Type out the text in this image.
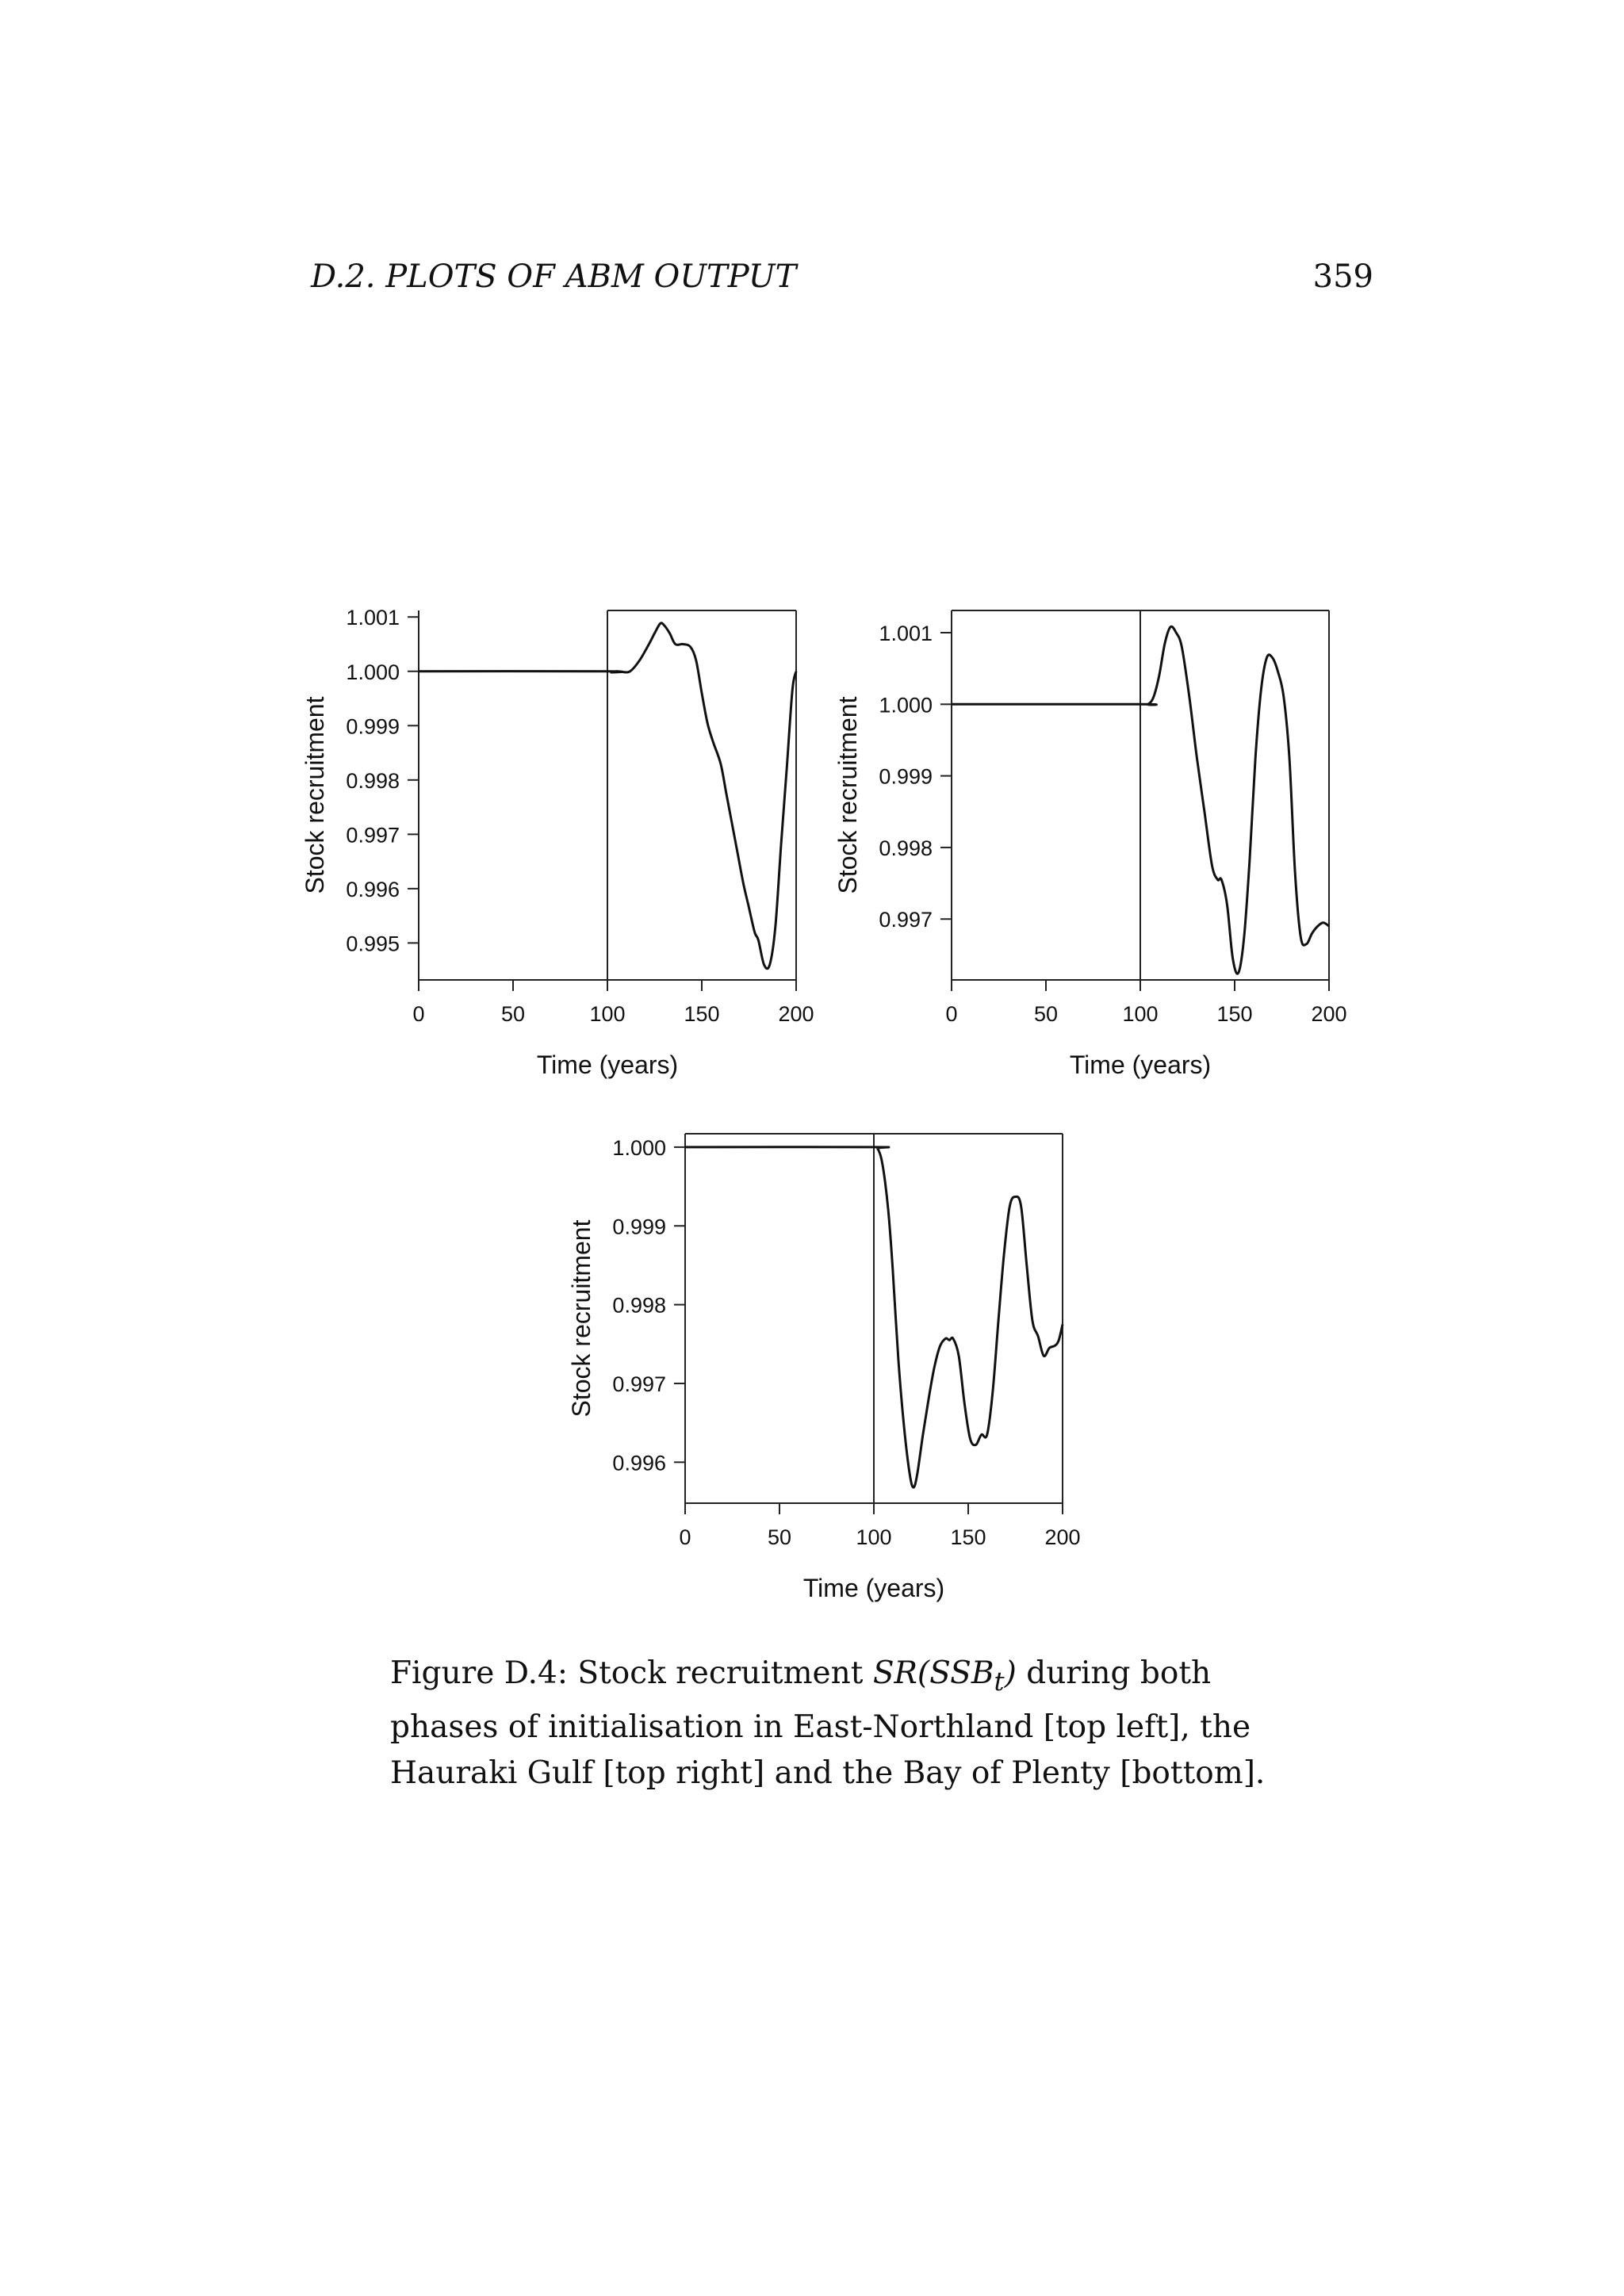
D.2. PLOTS OF ABM OUTPUT	359
0	50	100	150	200
0.995
0.996
0.997
0.998
0.999
1.000
1.001
Time (years)
Stock recruitment
0	50	100	150	200
0.997
0.998
0.999
1.000
1.001
Time (years)
Stock recruitment
0	50	100	150	200
0.996
0.997
0.998
0.999
1.000
Time (years)
Stock recruitment
Figure D.4: Stock recruitment $SR(SSB_t)$ during both phases of initialisation in East-Northland [top left], the Hauraki Gulf [top right] and the Bay of Plenty [bottom].
